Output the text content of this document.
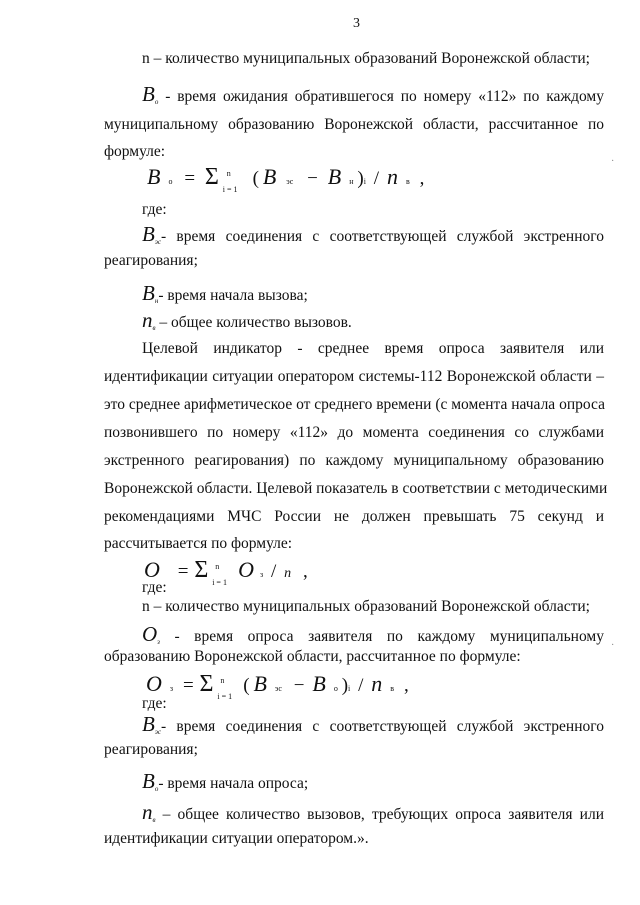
3
n – количество муниципальных образований Воронежской области;
$В_о$ - время ожидания обратившегося по номеру «112» по каждому
муниципальному образованию Воронежской области, рассчитанное по
формуле:
В о = Σ n
i = 1
( В эс − В н )i / n в ,
где:
$В_{эс}-$ время соединения с соответствующей службой экстренного
реагирования;
$В_н-$ время начала вызова;
$n_в$ – общее количество вызовов.
Целевой индикатор - среднее время опроса заявителя или
идентификации ситуации оператором системы-112 Воронежской области –
это среднее арифметическое от среднего времени (с момента начала опроса
позвонившего по номеру «112» до момента соединения со службами
экстренного реагирования) по каждому муниципальному образованию
Воронежской области. Целевой показатель в соответствии с методическими
рекомендациями МЧС России не должен превышать 75 секунд и
рассчитывается по формуле:
О = Σ n
i = 1
О з / n ,
где:
n – количество муниципальных образований Воронежской области;
$О_з$ - время опроса заявителя по каждому муниципальному
образованию Воронежской области, рассчитанное по формуле:
О з = Σ n
i = 1
( В эс − В о )i / n в ,
где:
$В_{эс}-$ время соединения с соответствующей службой экстренного
реагирования;
$В_о-$ время начала опроса;
$n_в$ – общее количество вызовов, требующих опроса заявителя или
идентификации ситуации оператором.».
·
·
